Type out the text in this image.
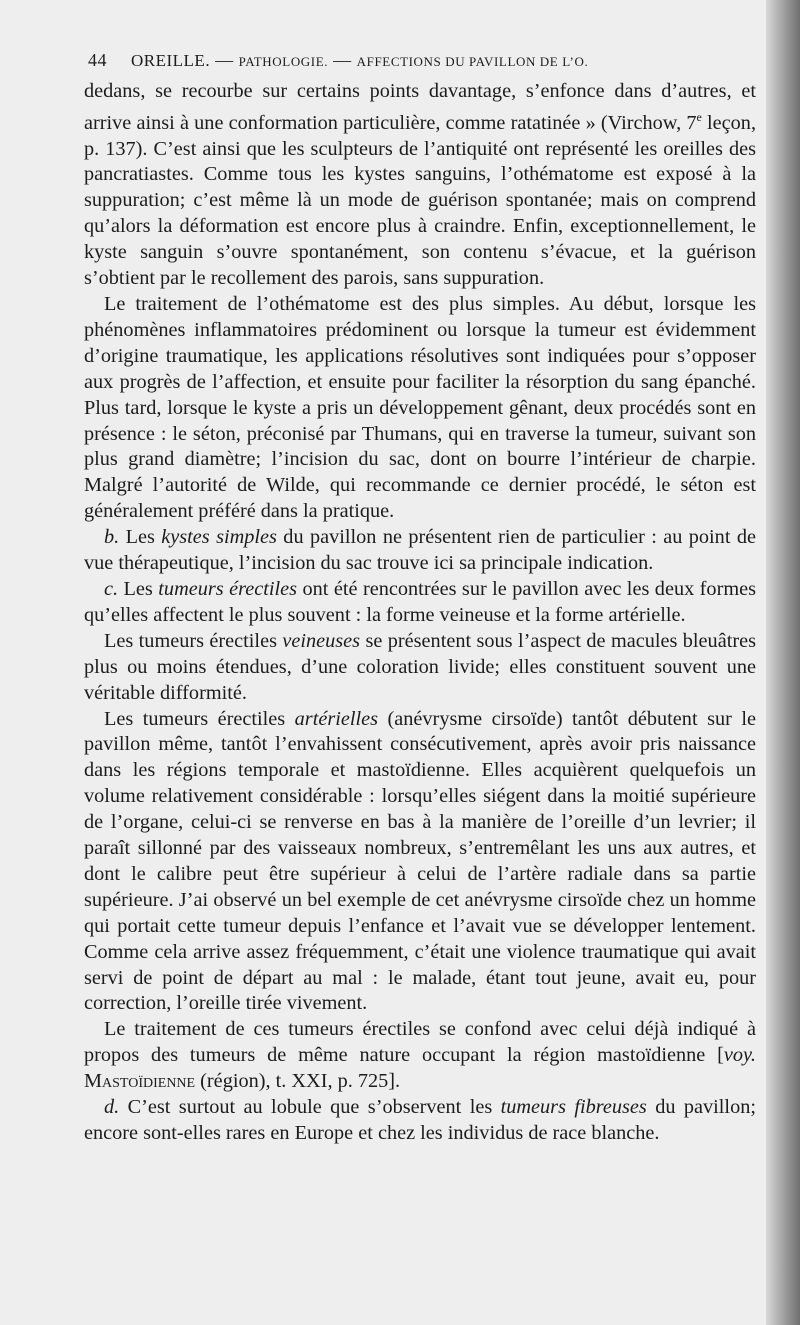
44 OREILLE. — PATHOLOGIE. — AFFECTIONS DU PAVILLON DE L’O.

dedans, se recourbe sur certains points davantage, s’enfonce dans d’autres, et arrive ainsi à une conformation particulière, comme ratatinée » (Virchow, 7e leçon, p. 137). C’est ainsi que les sculpteurs de l’antiquité ont représenté les oreilles des pancratiastes. Comme tous les kystes sanguins, l’othématome est exposé à la suppuration; c’est même là un mode de guérison spontanée; mais on comprend qu’alors la déformation est encore plus à craindre. Enfin, exceptionnellement, le kyste sanguin s’ouvre spontanément, son contenu s’évacue, et la guérison s’obtient par le recollement des parois, sans suppuration.

Le traitement de l’othématome est des plus simples. Au début, lorsque les phénomènes inflammatoires prédominent ou lorsque la tumeur est évidemment d’origine traumatique, les applications résolutives sont indiquées pour s’opposer aux progrès de l’affection, et ensuite pour faciliter la résorption du sang épanché. Plus tard, lorsque le kyste a pris un développement gênant, deux procédés sont en présence : le séton, préconisé par Thumans, qui en traverse la tumeur, suivant son plus grand diamètre; l’incision du sac, dont on bourre l’intérieur de charpie. Malgré l’autorité de Wilde, qui recommande ce dernier procédé, le séton est généralement préféré dans la pratique.

b. Les kystes simples du pavillon ne présentent rien de particulier : au point de vue thérapeutique, l’incision du sac trouve ici sa principale indication.

c. Les tumeurs érectiles ont été rencontrées sur le pavillon avec les deux formes qu’elles affectent le plus souvent : la forme veineuse et la forme artérielle.

Les tumeurs érectiles veineuses se présentent sous l’aspect de macules bleuâtres plus ou moins étendues, d’une coloration livide; elles constituent souvent une véritable difformité.

Les tumeurs érectiles artérielles (anévrysme cirsoïde) tantôt débutent sur le pavillon même, tantôt l’envahissent consécutivement, après avoir pris naissance dans les régions temporale et mastoïdienne. Elles acquièrent quelquefois un volume relativement considérable : lorsqu’elles siégent dans la moitié supérieure de l’organe, celui-ci se renverse en bas à la manière de l’oreille d’un levrier; il paraît sillonné par des vaisseaux nombreux, s’entremêlant les uns aux autres, et dont le calibre peut être supérieur à celui de l’artère radiale dans sa partie supérieure. J’ai observé un bel exemple de cet anévrysme cirsoïde chez un homme qui portait cette tumeur depuis l’enfance et l’avait vue se développer lentement. Comme cela arrive assez fréquemment, c’était une violence traumatique qui avait servi de point de départ au mal : le malade, étant tout jeune, avait eu, pour correction, l’oreille tirée vivement.

Le traitement de ces tumeurs érectiles se confond avec celui déjà indiqué à propos des tumeurs de même nature occupant la région mastoïdienne [voy. Mastoïdienne (région), t. XXI, p. 725].

d. C’est surtout au lobule que s’observent les tumeurs fibreuses du pavillon; encore sont-elles rares en Europe et chez les individus de race blanche.
